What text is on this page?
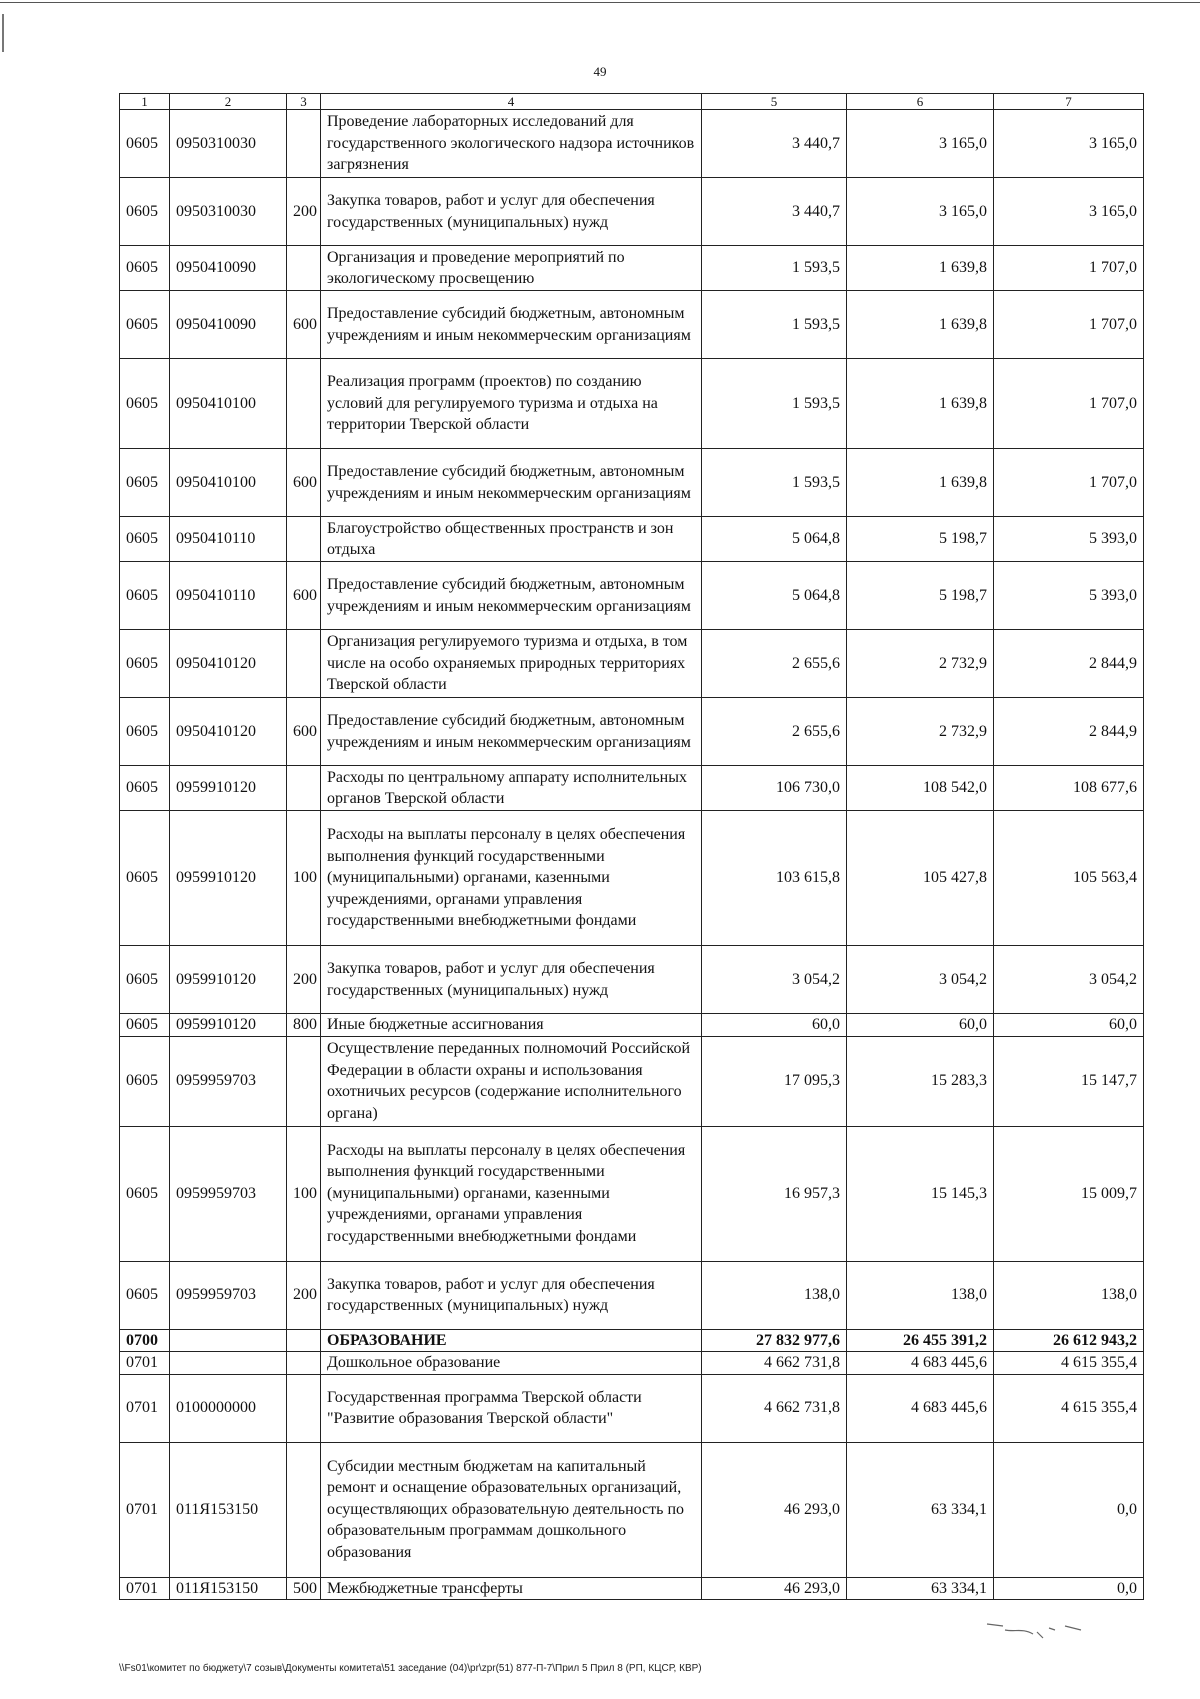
49
1	2	3	4	5	6	7
0605	0950310030		Проведение лабораторных исследований для государственного экологического надзора источников загрязнения	3 440,7	3 165,0	3 165,0
0605	0950310030	200	Закупка товаров, работ и услуг для обеспечения государственных (муниципальных) нужд	3 440,7	3 165,0	3 165,0
0605	0950410090		Организация и проведение мероприятий по экологическому просвещению	1 593,5	1 639,8	1 707,0
0605	0950410090	600	Предоставление субсидий бюджетным, автономным учреждениям и иным некоммерческим организациям	1 593,5	1 639,8	1 707,0
0605	0950410100		Реализация программ (проектов) по созданию условий для регулируемого туризма и отдыха на территории Тверской области	1 593,5	1 639,8	1 707,0
0605	0950410100	600	Предоставление субсидий бюджетным, автономным учреждениям и иным некоммерческим организациям	1 593,5	1 639,8	1 707,0
0605	0950410110		Благоустройство общественных пространств и зон отдыха	5 064,8	5 198,7	5 393,0
0605	0950410110	600	Предоставление субсидий бюджетным, автономным учреждениям и иным некоммерческим организациям	5 064,8	5 198,7	5 393,0
0605	0950410120		Организация регулируемого туризма и отдыха, в том числе на особо охраняемых природных территориях Тверской области	2 655,6	2 732,9	2 844,9
0605	0950410120	600	Предоставление субсидий бюджетным, автономным учреждениям и иным некоммерческим организациям	2 655,6	2 732,9	2 844,9
0605	0959910120		Расходы по центральному аппарату исполнительных органов Тверской области	106 730,0	108 542,0	108 677,6
0605	0959910120	100	Расходы на выплаты персоналу в целях обеспечения выполнения функций государственными (муниципальными) органами, казенными учреждениями, органами управления государственными внебюджетными фондами	103 615,8	105 427,8	105 563,4
0605	0959910120	200	Закупка товаров, работ и услуг для обеспечения государственных (муниципальных) нужд	3 054,2	3 054,2	3 054,2
0605	0959910120	800	Иные бюджетные ассигнования	60,0	60,0	60,0
0605	0959959703		Осуществление переданных полномочий Российской Федерации в области охраны и использования охотничьих ресурсов (содержание исполнительного органа)	17 095,3	15 283,3	15 147,7
0605	0959959703	100	Расходы на выплаты персоналу в целях обеспечения выполнения функций государственными (муниципальными) органами, казенными учреждениями, органами управления государственными внебюджетными фондами	16 957,3	15 145,3	15 009,7
0605	0959959703	200	Закупка товаров, работ и услуг для обеспечения государственных (муниципальных) нужд	138,0	138,0	138,0
0700			ОБРАЗОВАНИЕ	27 832 977,6	26 455 391,2	26 612 943,2
0701			Дошкольное образование	4 662 731,8	4 683 445,6	4 615 355,4
0701	0100000000		Государственная программа Тверской области "Развитие образования Тверской области"	4 662 731,8	4 683 445,6	4 615 355,4
0701	011Я153150		Субсидии местным бюджетам на капитальный ремонт и оснащение образовательных организаций, осуществляющих образовательную деятельность по образовательным программам дошкольного образования	46 293,0	63 334,1	0,0
0701	011Я153150	500	Межбюджетные трансферты	46 293,0	63 334,1	0,0
\\Fs01\комитет по бюджету\7 созыв\Документы комитета\51 заседание (04)\pr\zpr(51) 877-П-7\Прил 5 Прил 8 (РП, КЦСР, КВР)
